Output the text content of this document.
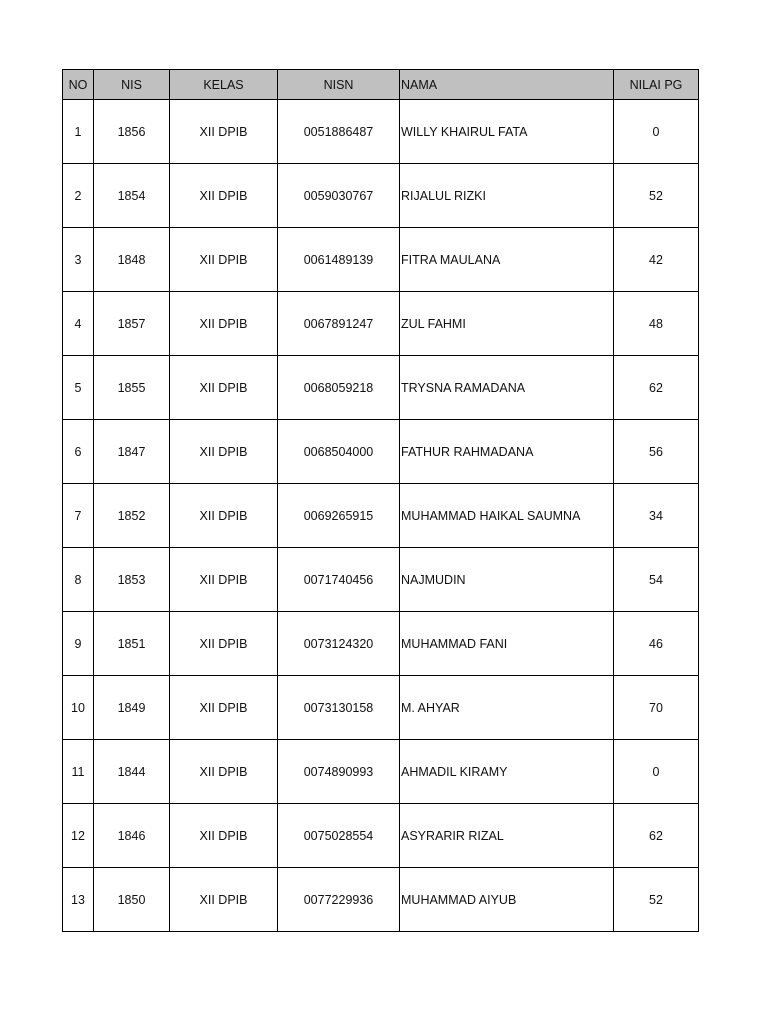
NO	NIS	KELAS	NISN	NAMA	NILAI PG
1	1856	XII DPIB	0051886487	WILLY KHAIRUL FATA	0
2	1854	XII DPIB	0059030767	RIJALUL RIZKI	52
3	1848	XII DPIB	0061489139	FITRA MAULANA	42
4	1857	XII DPIB	0067891247	ZUL FAHMI	48
5	1855	XII DPIB	0068059218	TRYSNA RAMADANA	62
6	1847	XII DPIB	0068504000	FATHUR RAHMADANA	56
7	1852	XII DPIB	0069265915	MUHAMMAD HAIKAL SAUMNA	34
8	1853	XII DPIB	0071740456	NAJMUDIN	54
9	1851	XII DPIB	0073124320	MUHAMMAD FANI	46
10	1849	XII DPIB	0073130158	M. AHYAR	70
11	1844	XII DPIB	0074890993	AHMADIL KIRAMY	0
12	1846	XII DPIB	0075028554	ASYRARIR RIZAL	62
13	1850	XII DPIB	0077229936	MUHAMMAD AIYUB	52
